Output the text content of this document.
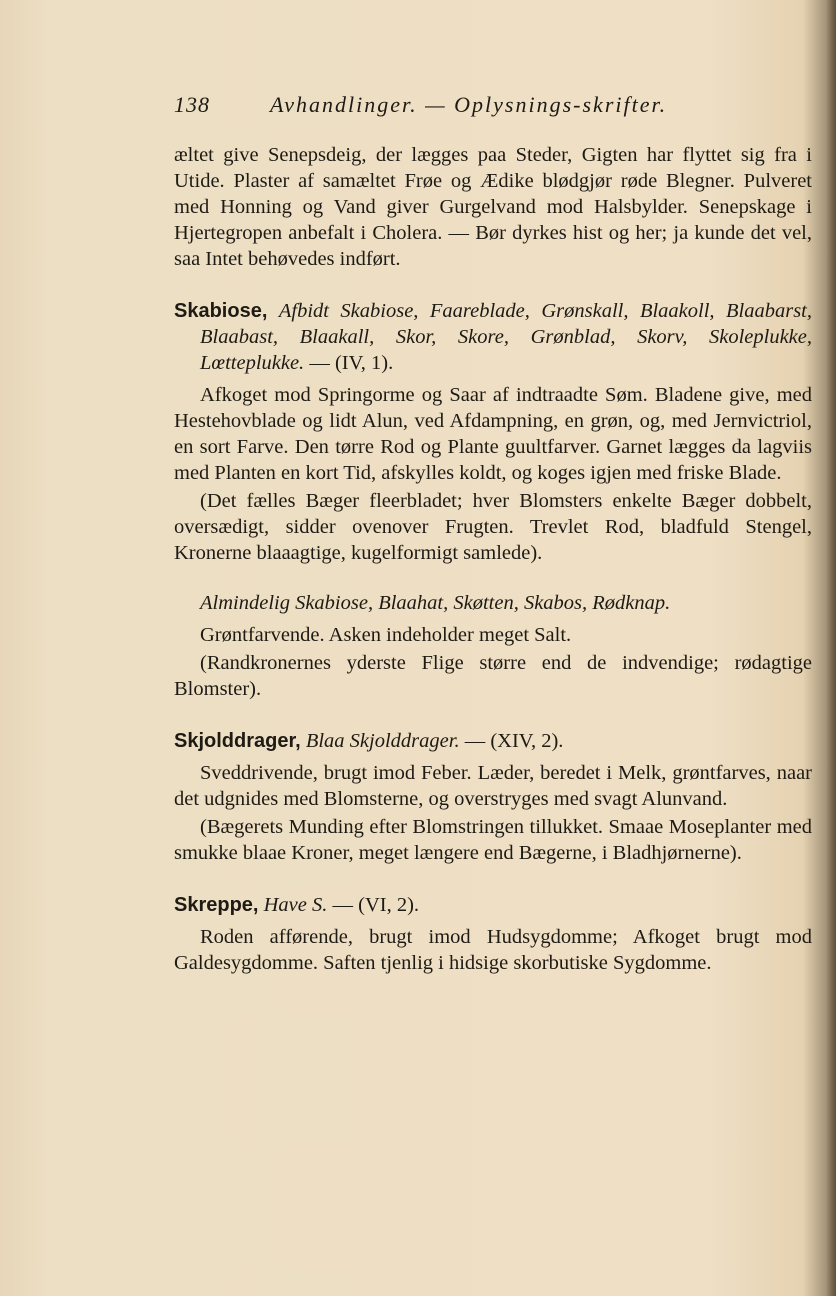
138	Avhandlinger. — Oplysnings-skrifter.

æltet give Senepsdeig, der lægges paa Steder, Gigten har flyttet sig fra i Utide. Plaster af samæltet Frøe og Ædike blødgjør røde Blegner. Pulveret med Honning og Vand giver Gurgelvand mod Halsbylder. Senepskage i Hjertegropen anbefalt i Cholera. — Bør dyrkes hist og her; ja kunde det vel, saa Intet behøvedes indført.

Skabiose, Afbidt Skabiose, Faareblade, Grønskall, Blaakoll, Blaabarst, Blaabast, Blaakall, Skor, Skore, Grønblad, Skorv, Skoleplukke, Lœtteplukke. — (IV, 1).

Afkoget mod Springorme og Saar af indtraadte Søm. Bladene give, med Hestehovblade og lidt Alun, ved Afdampning, en grøn, og, med Jernvictriol, en sort Farve. Den tørre Rod og Plante guultfarver. Garnet lægges da lagviis med Planten en kort Tid, afskylles koldt, og koges igjen med friske Blade.

(Det fælles Bæger fleerbladet; hver Blomsters enkelte Bæger dobbelt, oversædigt, sidder ovenover Frugten. Trevlet Rod, bladfuld Stengel, Kronerne blaaagtige, kugelformigt samlede).

Almindelig Skabiose, Blaahat, Skøtten, Skabos, Rødknap.

Grøntfarvende. Asken indeholder meget Salt.

(Randkronernes yderste Flige større end de indvendige; rødagtige Blomster).

Skjolddrager, Blaa Skjolddrager. — (XIV, 2).

Sveddrivende, brugt imod Feber. Læder, beredet i Melk, grøntfarves, naar det udgnides med Blomsterne, og overstryges med svagt Alunvand.

(Bægerets Munding efter Blomstringen tillukket. Smaae Moseplanter med smukke blaae Kroner, meget længere end Bægerne, i Bladhjørnerne).

Skreppe, Have S. — (VI, 2).

Roden afførende, brugt imod Hudsygdomme; Afkoget brugt mod Galdesygdomme. Saften tjenlig i hidsige skorbutiske Sygdomme.
